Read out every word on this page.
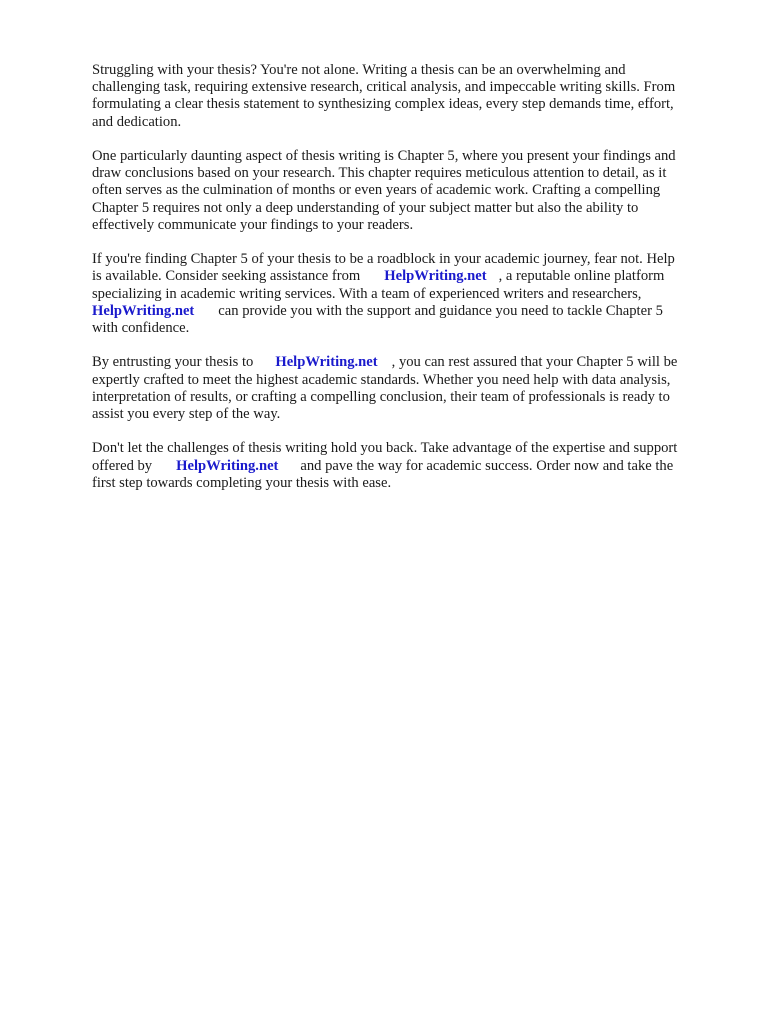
Struggling with your thesis? You're not alone. Writing a thesis can be an overwhelming and
challenging task, requiring extensive research, critical analysis, and impeccable writing skills. From
formulating a clear thesis statement to synthesizing complex ideas, every step demands time, effort,
and dedication.
One particularly daunting aspect of thesis writing is Chapter 5, where you present your findings and
draw conclusions based on your research. This chapter requires meticulous attention to detail, as it
often serves as the culmination of months or even years of academic work. Crafting a compelling
Chapter 5 requires not only a deep understanding of your subject matter but also the ability to
effectively communicate your findings to your readers.
If you're finding Chapter 5 of your thesis to be a roadblock in your academic journey, fear not. Help
is available. Consider seeking assistance from HelpWriting.net , a reputable online platform
specializing in academic writing services. With a team of experienced writers and researchers,
HelpWriting.net can provide you with the support and guidance you need to tackle Chapter 5
with confidence.
By entrusting your thesis to HelpWriting.net , you can rest assured that your Chapter 5 will be
expertly crafted to meet the highest academic standards. Whether you need help with data analysis,
interpretation of results, or crafting a compelling conclusion, their team of professionals is ready to
assist you every step of the way.
Don't let the challenges of thesis writing hold you back. Take advantage of the expertise and support
offered by HelpWriting.net and pave the way for academic success. Order now and take the
first step towards completing your thesis with ease.
